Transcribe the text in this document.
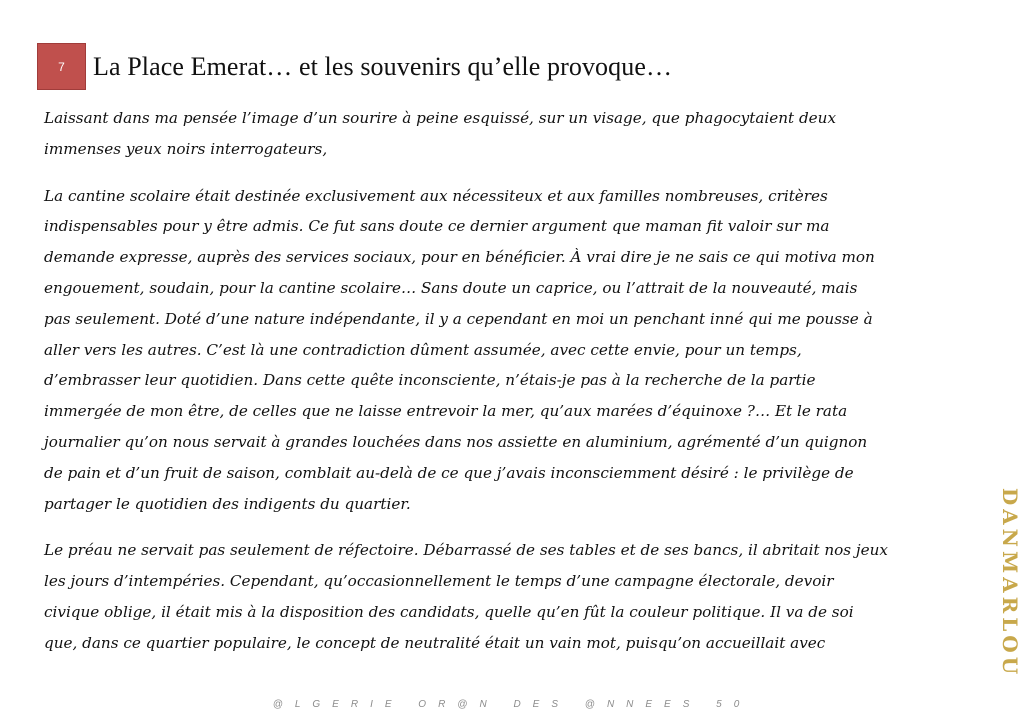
7 La Place Emerat… et les souvenirs qu’elle provoque…

Laissant dans ma pensée l’image d’un sourire à peine esquissé, sur un visage, que phagocytaient deux
immenses yeux noirs interrogateurs,

La cantine scolaire était destinée exclusivement aux nécessiteux et aux familles nombreuses, critères
indispensables pour y être admis. Ce fut sans doute ce dernier argument que maman fit valoir sur ma
demande expresse, auprès des services sociaux, pour en bénéficier. À vrai dire je ne sais ce qui motiva mon
engouement, soudain, pour la cantine scolaire… Sans doute un caprice, ou l’attrait de la nouveauté, mais
pas seulement. Doté d’une nature indépendante, il y a cependant en moi un penchant inné qui me pousse à
aller vers les autres. C’est là une contradiction dûment assumée, avec cette envie, pour un temps,
d’embrasser leur quotidien. Dans cette quête inconsciente, n’étais-je pas à la recherche de la partie
immergée de mon être, de celles que ne laisse entrevoir la mer, qu’aux marées d’équinoxe ?… Et le rata
journalier qu’on nous servait à grandes louchées dans nos assiette en aluminium, agrémenté d’un quignon
de pain et d’un fruit de saison, comblait au-delà de ce que j’avais inconsciemment désiré : le privilège de
partager le quotidien des indigents du quartier.

Le préau ne servait pas seulement de réfectoire. Débarrassé de ses tables et de ses bancs, il abritait nos jeux
les jours d’intempéries. Cependant, qu’occasionnellement le temps d’une campagne électorale, devoir
civique oblige, il était mis à la disposition des candidats, quelle qu’en fût la couleur politique. Il va de soi
que, dans ce quartier populaire, le concept de neutralité était un vain mot, puisqu’on accueillait avec	DANMARLOU
@LGERIE OR@N DES @NNEES 50
